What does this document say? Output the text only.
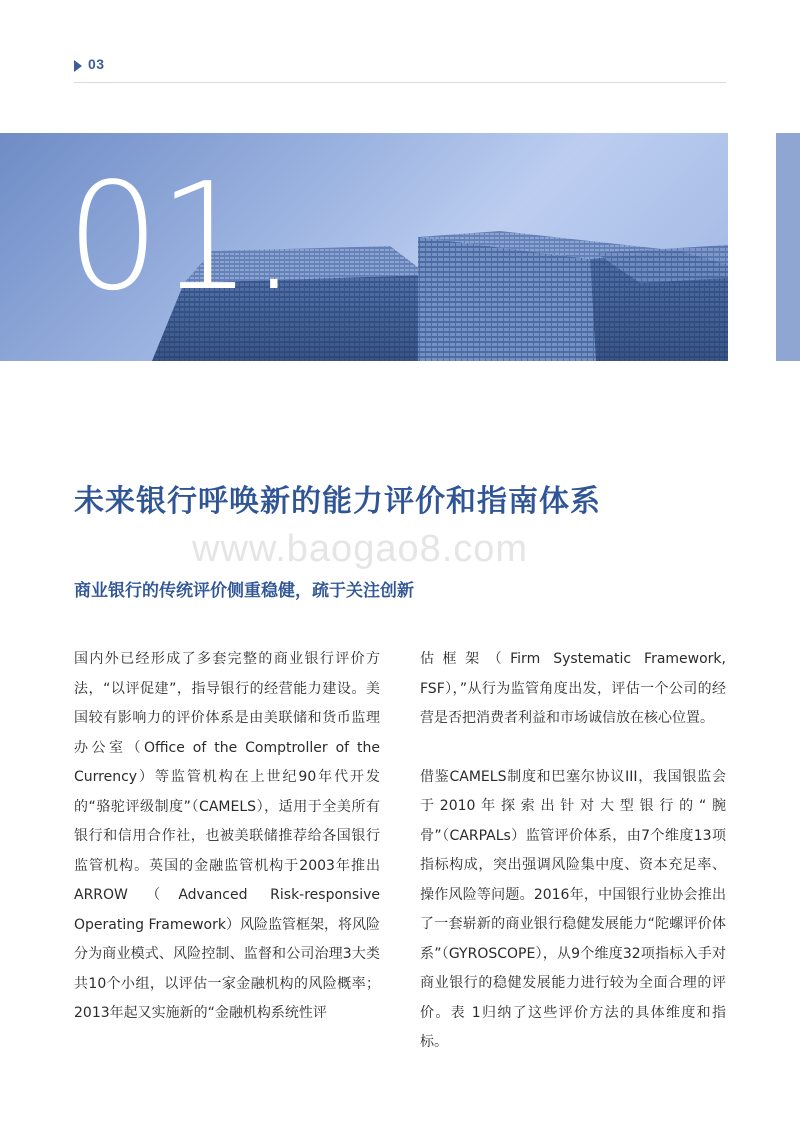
03
01.
未来银行呼唤新的能力评价和指南体系
www.baogao8.com
商业银行的传统评价侧重稳健，疏于关注创新

国内外已经形成了多套完整的商业银行评价方法，“以评促建”，指导银行的经营能力建设。美国较有影响力的评价体系是由美联储和货币监理办公室（Office of the Comptroller of the Currency）等监管机构在上世纪90年代开发的“骆驼评级制度”（CAMELS），适用于全美所有银行和信用合作社，也被美联储推荐给各国银行监管机构。英国的金融监管机构于2003年推出ARROW（Advanced Risk-responsive Operating Framework）风险监管框架，将风险分为商业模式、风险控制、监督和公司治理3大类共10个小组，以评估一家金融机构的风险概率；2013年起又实施新的“金融机构系统性评

估框架（Firm Systematic Framework, FSF），”从行为监管角度出发，评估一个公司的经营是否把消费者利益和市场诚信放在核心位置。

借鉴CAMELS制度和巴塞尔协议III，我国银监会于2010年探索出针对大型银行的“腕骨”（CARPALs）监管评价体系，由7个维度13项指标构成，突出强调风险集中度、资本充足率、操作风险等问题。2016年，中国银行业协会推出了一套崭新的商业银行稳健发展能力“陀螺评价体系”（GYROSCOPE），从9个维度32项指标入手对商业银行的稳健发展能力进行较为全面合理的评价。表 1归纳了这些评价方法的具体维度和指标。
